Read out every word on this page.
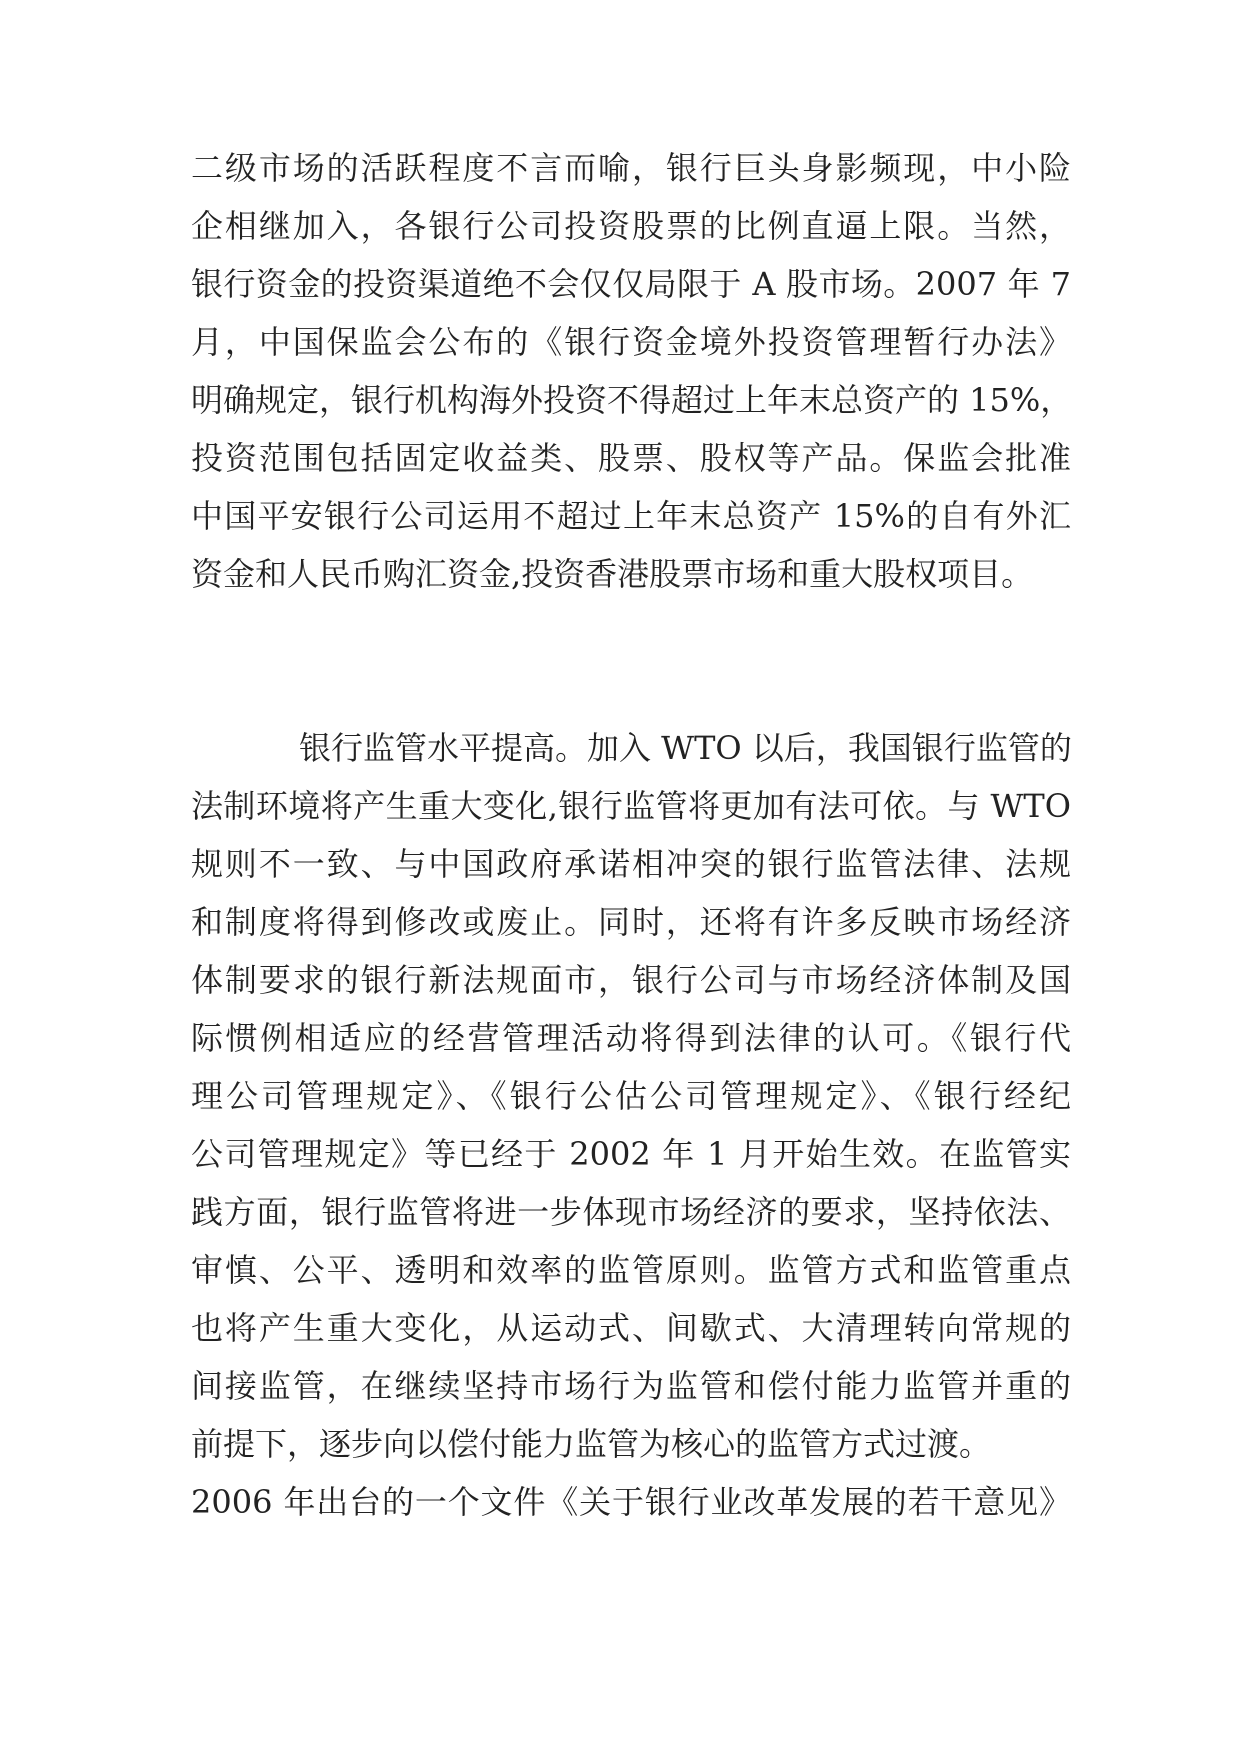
二级市场的活跃程度不言而喻，银行巨头身影频现，中小险
企相继加入，各银行公司投资股票的比例直逼上限。当然，
银行资金的投资渠道绝不会仅仅局限于 A 股市场。2007 年 7
月，中国保监会公布的《银行资金境外投资管理暂行办法》
明确规定，银行机构海外投资不得超过上年末总资产的 15%，
投资范围包括固定收益类、股票、股权等产品。保监会批准
中国平安银行公司运用不超过上年末总资产 15%的自有外汇
资金和人民币购汇资金,投资香港股票市场和重大股权项目。
银行监管水平提高。加入 WTO 以后，我国银行监管的
法制环境将产生重大变化,银行监管将更加有法可依。与 WTO
规则不一致、与中国政府承诺相冲突的银行监管法律、法规
和制度将得到修改或废止。同时，还将有许多反映市场经济
体制要求的银行新法规面市，银行公司与市场经济体制及国
际惯例相适应的经营管理活动将得到法律的认可。《银行代
理公司管理规定》、《银行公估公司管理规定》、《银行经纪
公司管理规定》等已经于 2002 年 1 月开始生效。在监管实
践方面，银行监管将进一步体现市场经济的要求，坚持依法、
审慎、公平、透明和效率的监管原则。监管方式和监管重点
也将产生重大变化，从运动式、间歇式、大清理转向常规的
间接监管，在继续坚持市场行为监管和偿付能力监管并重的
前提下，逐步向以偿付能力监管为核心的监管方式过渡。
2006 年出台的一个文件《关于银行业改革发展的若干意见》
